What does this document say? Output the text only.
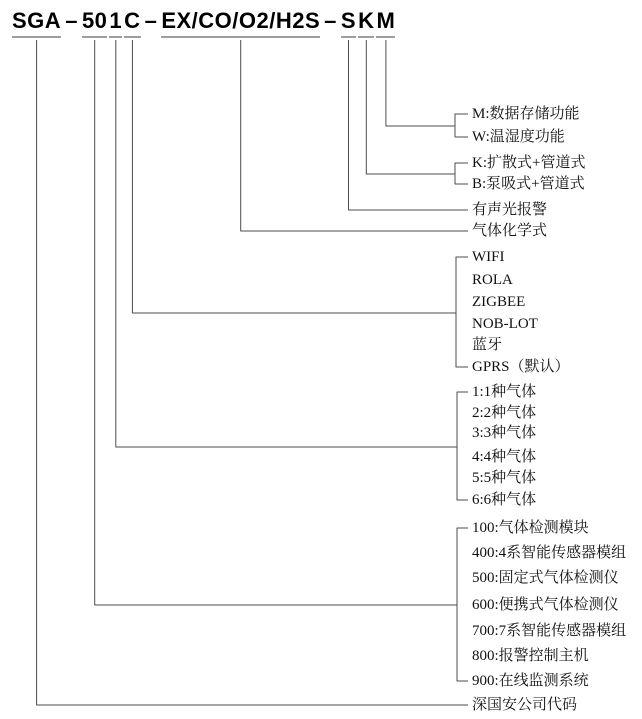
SGA – 50 1 C – EX/CO/O2/H2S – S K M
M:数据存储功能
W:温湿度功能
K:扩散式+管道式
B:泵吸式+管道式
有声光报警
气体化学式
WIFI
ROLA
ZIGBEE
NOB-LOT
蓝牙
GPRS（默认）
1:1种气体
2:2种气体
3:3种气体
4:4种气体
5:5种气体
6:6种气体
100:气体检测模块
400:4系智能传感器模组
500:固定式气体检测仪
600:便携式气体检测仪
700:7系智能传感器模组
800:报警控制主机
900:在线监测系统
深国安公司代码
